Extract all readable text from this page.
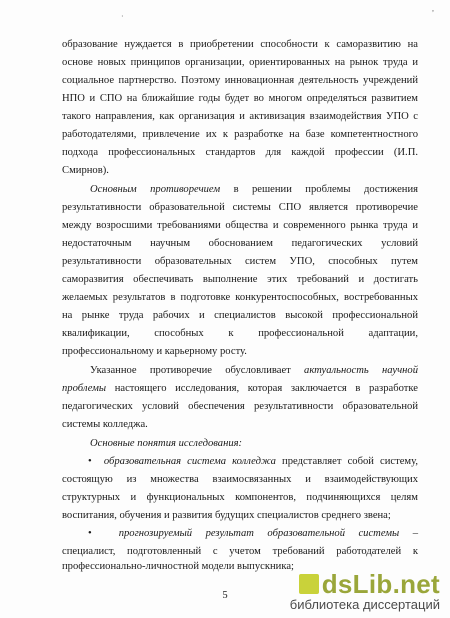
,
·
образование нуждается в приобретении способности к саморазвитию на
основе новых принципов организации, ориентированных на рынок труда и
социальное партнерство. Поэтому инновационная деятельность учреждений
НПО и СПО на ближайшие годы будет во многом определяться развитием
такого направления, как организация и активизация взаимодействия УПО с
работодателями, привлечение их к разработке на базе компетентностного
подхода профессиональных стандартов для каждой профессии (И.П.
Смирнов).
Основным противоречием в решении проблемы достижения
результативности образовательной системы СПО является противоречие
между возросшими требованиями общества и современного рынка труда и
недостаточным научным обоснованием педагогических условий
результативности образовательных систем УПО, способных путем
саморазвития обеспечивать выполнение этих требований и достигать
желаемых результатов в подготовке конкурентоспособных, востребованных
на рынке труда рабочих и специалистов высокой профессиональной
квалификации, способных к профессиональной адаптации,
профессиональному и карьерному росту.
Указанное противоречие обусловливает актуальность научной
проблемы настоящего исследования, которая заключается в разработке
педагогических условий обеспечения результативности образовательной
системы колледжа.
Основные понятия исследования:
•  образовательная система колледжа представляет собой систему,
состоящую из множества взаимосвязанных и взаимодействующих
структурных и функциональных компонентов, подчиняющихся целям
воспитания, обучения и развития будущих специалистов среднего звена;
•  прогнозируемый результат образовательной системы –
специалист, подготовленный с учетом требований работодателей к
профессионально-личностной модели выпускника;
5	dsLib.net
библиотека диссертаций
